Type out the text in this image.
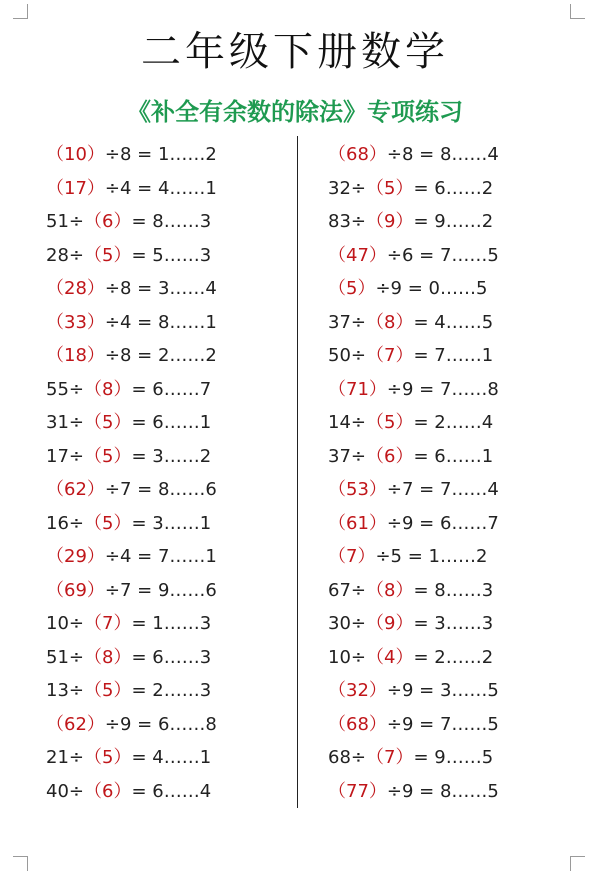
二年级下册数学
《补全有余数的除法》专项练习
（10）÷8 = 1……2
（17）÷4 = 4……1
51÷（6）= 8……3
28÷（5）= 5……3
（28）÷8 = 3……4
（33）÷4 = 8……1
（18）÷8 = 2……2
55÷（8）= 6……7
31÷（5）= 6……1
17÷（5）= 3……2
（62）÷7 = 8……6
16÷（5）= 3……1
（29）÷4 = 7……1
（69）÷7 = 9……6
10÷（7）= 1……3
51÷（8）= 6……3
13÷（5）= 2……3
（62）÷9 = 6……8
21÷（5）= 4……1
40÷（6）= 6……4
（68）÷8 = 8……4
32÷（5）= 6……2
83÷（9）= 9……2
（47）÷6 = 7……5
（5）÷9 = 0……5
37÷（8）= 4……5
50÷（7）= 7……1
（71）÷9 = 7……8
14÷（5）= 2……4
37÷（6）= 6……1
（53）÷7 = 7……4
（61）÷9 = 6……7
（7）÷5 = 1……2
67÷（8）= 8……3
30÷（9）= 3……3
10÷（4）= 2……2
（32）÷9 = 3……5
（68）÷9 = 7……5
68÷（7）= 9……5
（77）÷9 = 8……5
